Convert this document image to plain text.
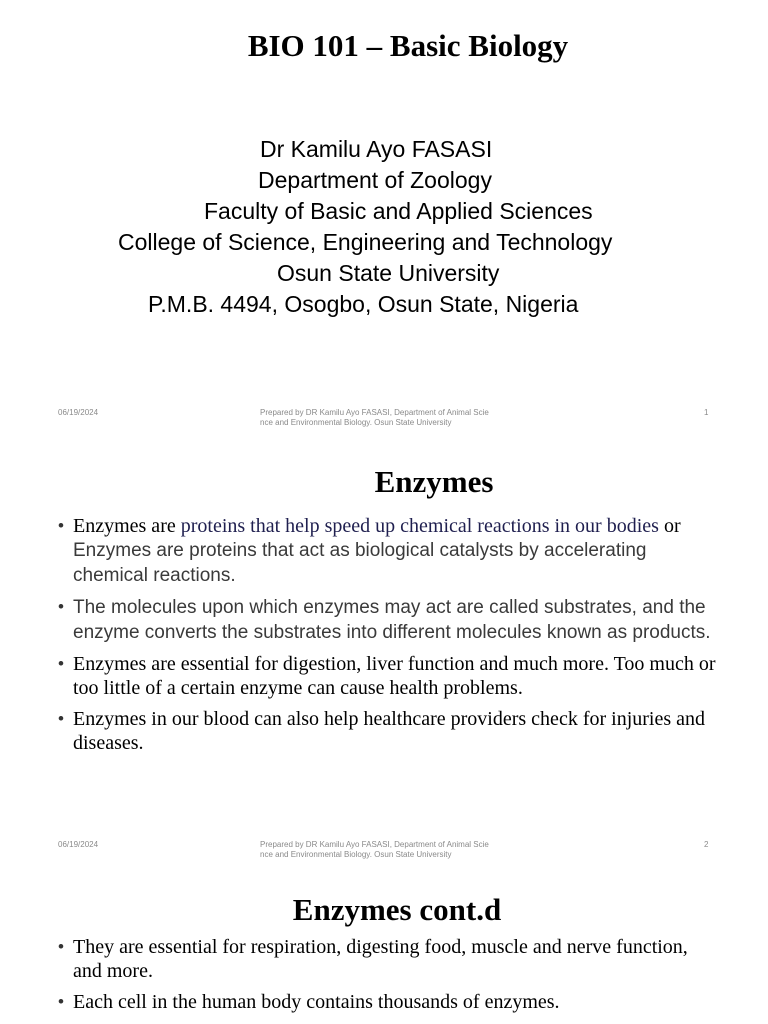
BIO 101 – Basic Biology
Dr Kamilu Ayo FASASI
Department of Zoology
Faculty of Basic and Applied Sciences
College of Science, Engineering and Technology
Osun State University
P.M.B. 4494, Osogbo, Osun State, Nigeria
06/19/2024	Prepared by DR Kamilu Ayo FASASI, Department of Animal Scie
nce and Environmental Biology. Osun State University
1
Enzymes
• Enzymes are proteins that help speed up chemical reactions in our bodies or Enzymes are proteins that act as biological catalysts by accelerating chemical reactions.
• The molecules upon which enzymes may act are called substrates, and the enzyme converts the substrates into different molecules known as products.
• Enzymes are essential for digestion, liver function and much more. Too much or too little of a certain enzyme can cause health problems.
• Enzymes in our blood can also help healthcare providers check for injuries and diseases.
06/19/2024	Prepared by DR Kamilu Ayo FASASI, Department of Animal Scie
nce and Environmental Biology. Osun State University
2
Enzymes cont.d
• They are essential for respiration, digesting food, muscle and nerve function, and more.
• Each cell in the human body contains thousands of enzymes.
